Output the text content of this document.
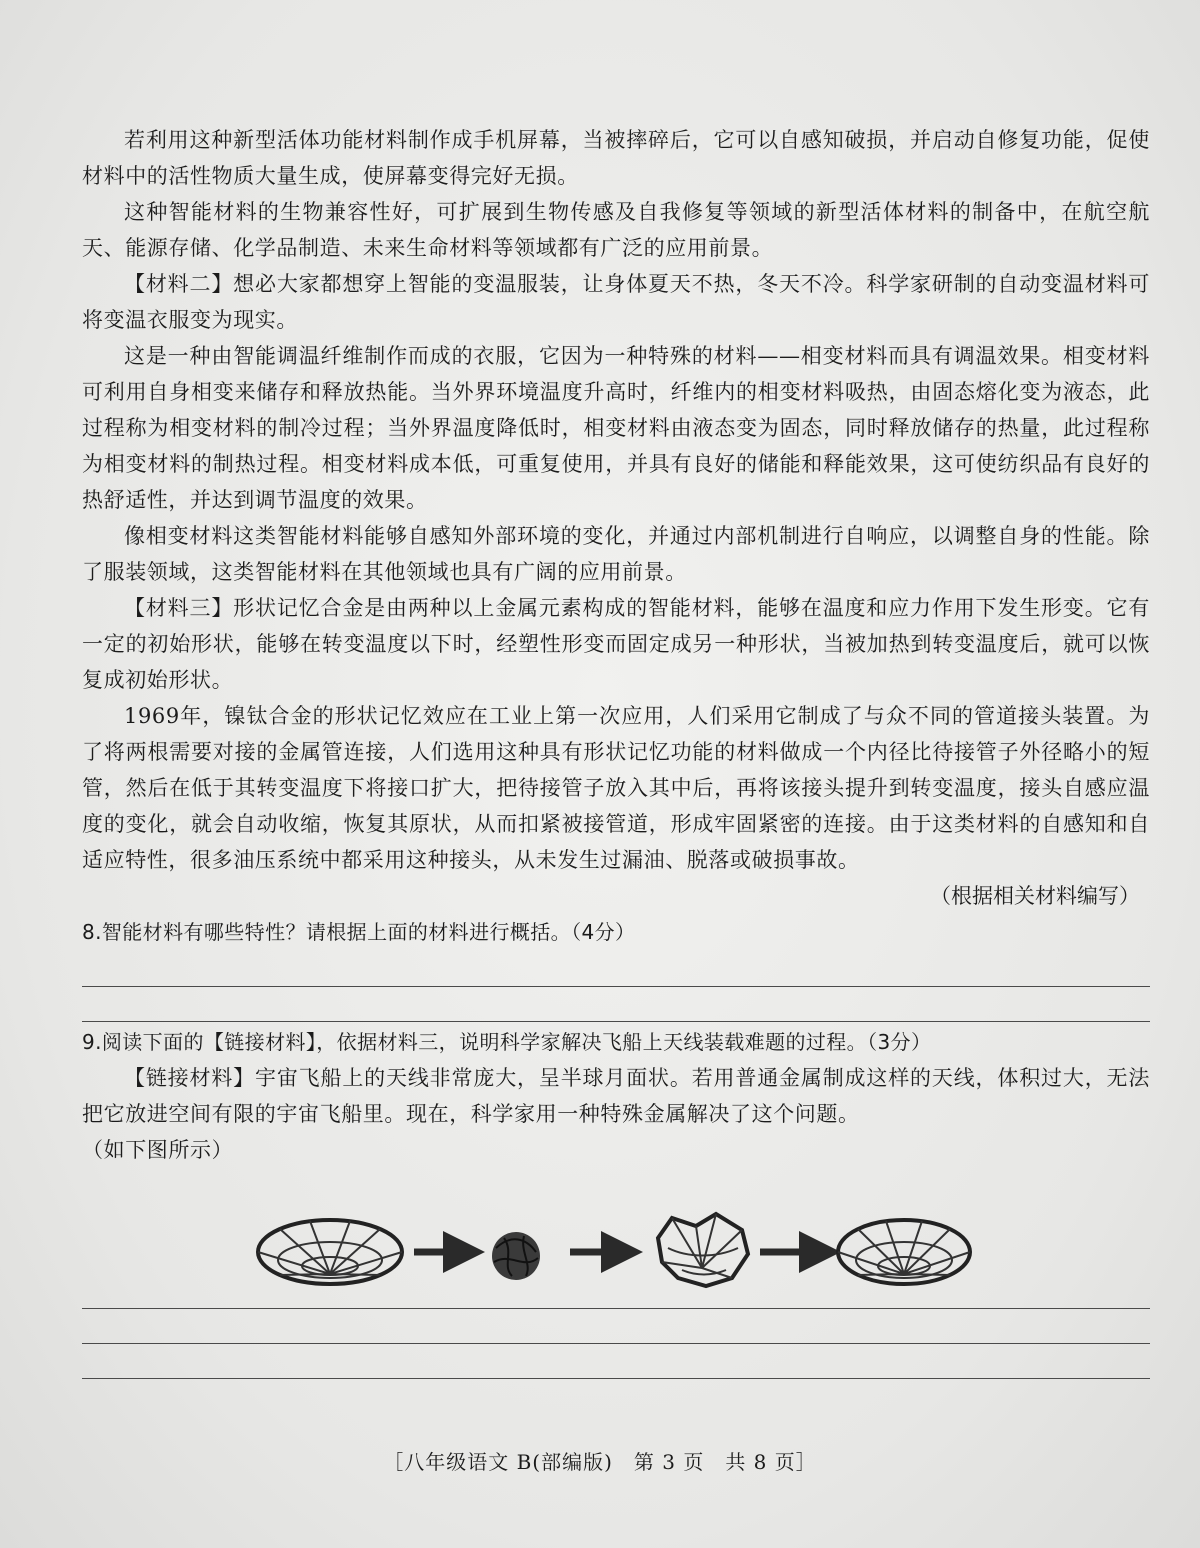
若利用这种新型活体功能材料制作成手机屏幕，当被摔碎后，它可以自感知破损，并启动自修复功能，促使材料中的活性物质大量生成，使屏幕变得完好无损。

这种智能材料的生物兼容性好，可扩展到生物传感及自我修复等领域的新型活体材料的制备中，在航空航天、能源存储、化学品制造、未来生命材料等领域都有广泛的应用前景。

【材料二】想必大家都想穿上智能的变温服装，让身体夏天不热，冬天不冷。科学家研制的自动变温材料可将变温衣服变为现实。

这是一种由智能调温纤维制作而成的衣服，它因为一种特殊的材料——相变材料而具有调温效果。相变材料可利用自身相变来储存和释放热能。当外界环境温度升高时，纤维内的相变材料吸热，由固态熔化变为液态，此过程称为相变材料的制冷过程；当外界温度降低时，相变材料由液态变为固态，同时释放储存的热量，此过程称为相变材料的制热过程。相变材料成本低，可重复使用，并具有良好的储能和释能效果，这可使纺织品有良好的热舒适性，并达到调节温度的效果。

像相变材料这类智能材料能够自感知外部环境的变化，并通过内部机制进行自响应，以调整自身的性能。除了服装领域，这类智能材料在其他领域也具有广阔的应用前景。

【材料三】形状记忆合金是由两种以上金属元素构成的智能材料，能够在温度和应力作用下发生形变。它有一定的初始形状，能够在转变温度以下时，经塑性形变而固定成另一种形状，当被加热到转变温度后，就可以恢复成初始形状。

1969年，镍钛合金的形状记忆效应在工业上第一次应用，人们采用它制成了与众不同的管道接头装置。为了将两根需要对接的金属管连接，人们选用这种具有形状记忆功能的材料做成一个内径比待接管子外径略小的短管，然后在低于其转变温度下将接口扩大，把待接管子放入其中后，再将该接头提升到转变温度，接头自感应温度的变化，就会自动收缩，恢复其原状，从而扣紧被接管道，形成牢固紧密的连接。由于这类材料的自感知和自适应特性，很多油压系统中都采用这种接头，从未发生过漏油、脱落或破损事故。

（根据相关材料编写）

8.智能材料有哪些特性？请根据上面的材料进行概括。（4分）

9.阅读下面的【链接材料】，依据材料三，说明科学家解决飞船上天线装载难题的过程。（3分）

【链接材料】宇宙飞船上的天线非常庞大，呈半球月面状。若用普通金属制成这样的天线，体积过大，无法把它放进空间有限的宇宙飞船里。现在，科学家用一种特殊金属解决了这个问题。

（如下图所示）

［八年级语文 B(部编版)　第 3 页　共 8 页］
